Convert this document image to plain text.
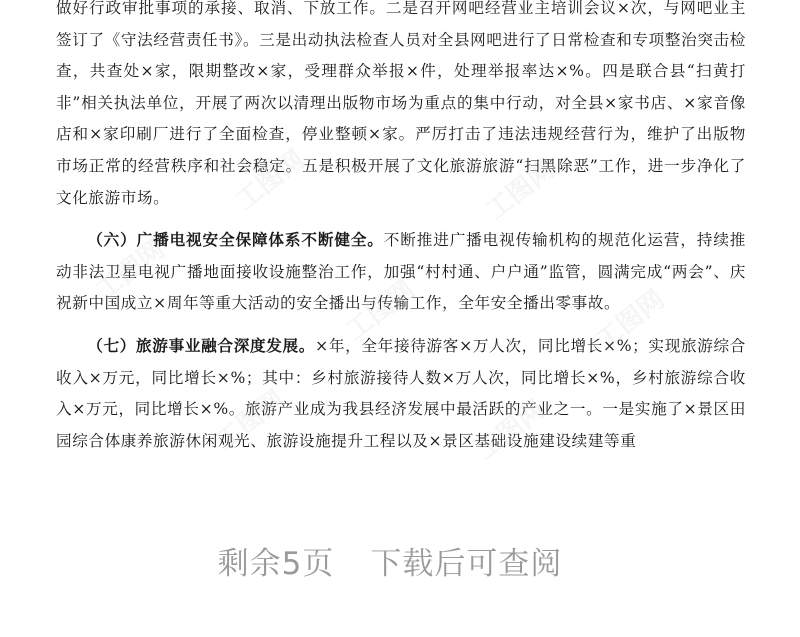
做好行政审批事项的承接、取消、下放工作。二是召开网吧经营业主培训会议×次，与网吧业主签订了《守法经营责任书》。三是出动执法检查人员对全县网吧进行了日常检查和专项整治突击检查，共查处×家，限期整改×家，受理群众举报×件，处理举报率达×%。四是联合县“扫黄打非”相关执法单位，开展了两次以清理出版物市场为重点的集中行动，对全县×家书店、×家音像店和×家印刷厂进行了全面检查，停业整顿×家。严厉打击了违法违规经营行为，维护了出版物市场正常的经营秩序和社会稳定。五是积极开展了文化旅游旅游“扫黑除恶”工作，进一步净化了文化旅游市场。

（六）广播电视安全保障体系不断健全。不断推进广播电视传输机构的规范化运营，持续推动非法卫星电视广播地面接收设施整治工作，加强“村村通、户户通”监管，圆满完成“两会”、庆祝新中国成立×周年等重大活动的安全播出与传输工作，全年安全播出零事故。

（七）旅游事业融合深度发展。×年，全年接待游客×万人次，同比增长×%；实现旅游综合收入×万元，同比增长×%；其中：乡村旅游接待人数×万人次，同比增长×%，乡村旅游综合收入×万元，同比增长×%。旅游产业成为我县经济发展中最活跃的产业之一。一是实施了×景区田园综合体康养旅游休闲观光、旅游设施提升工程以及×景区基础设施建设续建等重

工图网	工图网
工图网
工图网	工图网
工图网	工图网
剩余5页 下载后可查阅
